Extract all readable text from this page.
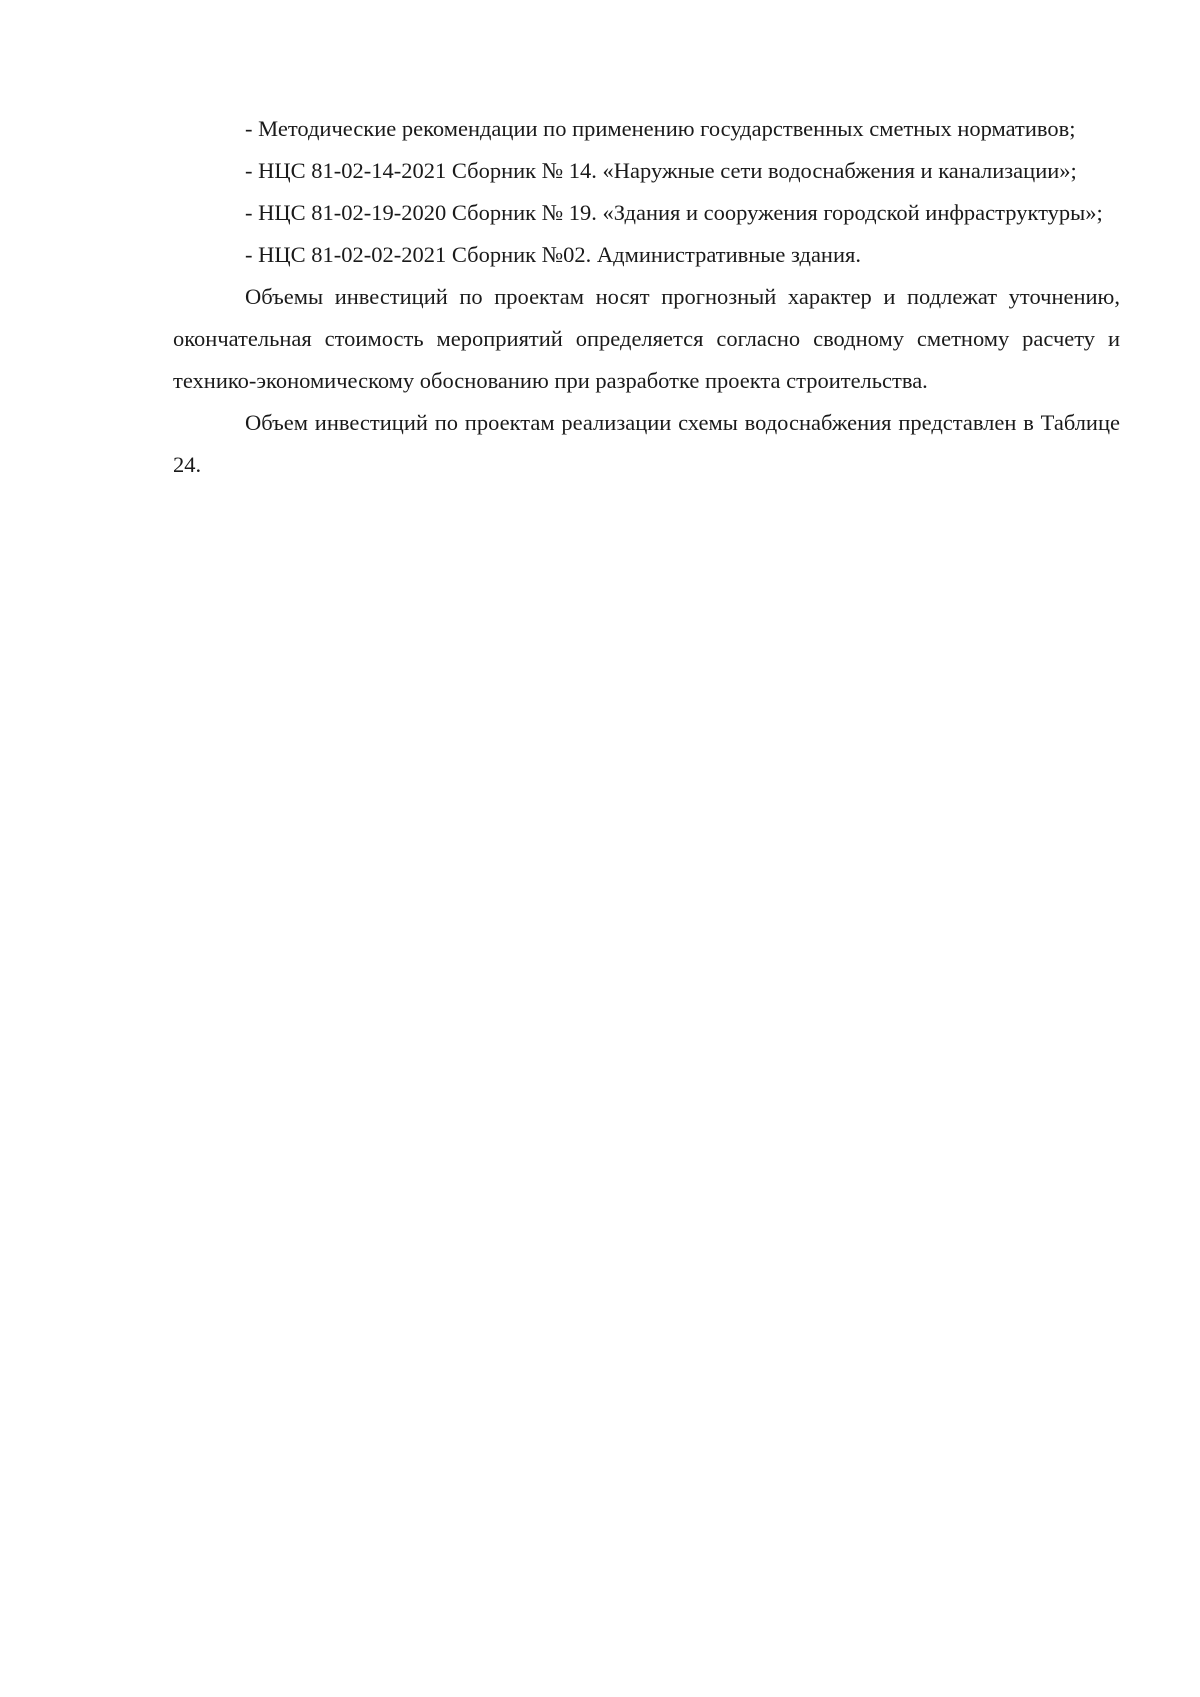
- Методические рекомендации по применению государственных сметных нормативов;

- НЦС 81-02-14-2021 Сборник № 14. «Наружные сети водоснабжения и канализации»;

- НЦС 81-02-19-2020 Сборник № 19. «Здания и сооружения городской инфраструктуры»;

- НЦС 81-02-02-2021 Сборник №02. Административные здания.

Объемы инвестиций по проектам носят прогнозный характер и подлежат уточнению, окончательная стоимость мероприятий определяется согласно сводному сметному расчету и технико-экономическому обоснованию при разработке проекта строительства.

Объем инвестиций по проектам реализации схемы водоснабжения представлен в Таблице 24.
